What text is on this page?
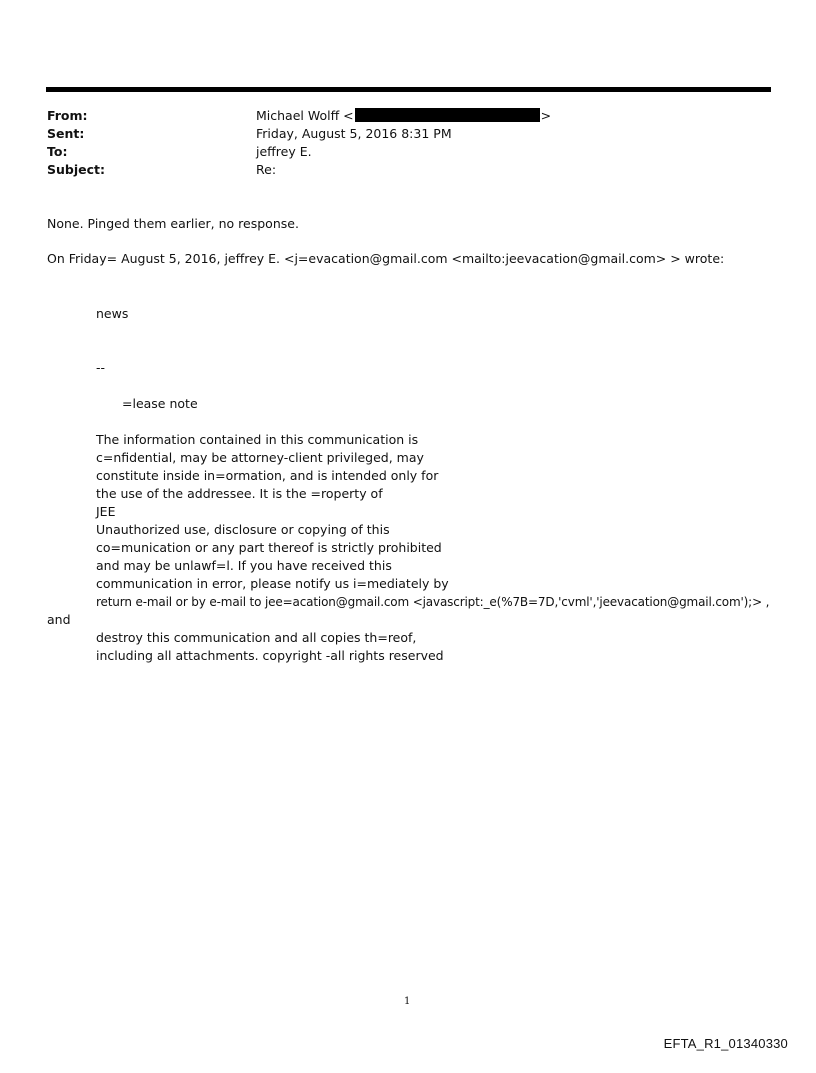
From:	Michael Wolff <	>
Sent:	Friday, August 5, 2016 8:31 PM
To:	jeffrey E.
Subject:	Re:
None. Pinged them earlier, no response.
On Friday= August 5, 2016, jeffrey E. <j=evacation@gmail.com <mailto:jeevacation@gmail.com> > wrote:
news
--
=lease note
The information contained in this communication is
c=nfidential, may be attorney-client privileged, may
constitute inside in=ormation, and is intended only for
the use of the addressee. It is the =roperty of
JEE
Unauthorized use, disclosure or copying of this
co=munication or any part thereof is strictly prohibited
and may be unlawf=l. If you have received this
communication in error, please notify us i=mediately by
return e-mail or by e-mail to jee=acation@gmail.com <javascript:_e(%7B=7D,'cvml','jeevacation@gmail.com');> ,
and
destroy this communication and all copies th=reof,
including all attachments. copyright -all rights reserved
1
EFTA_R1_01340330
